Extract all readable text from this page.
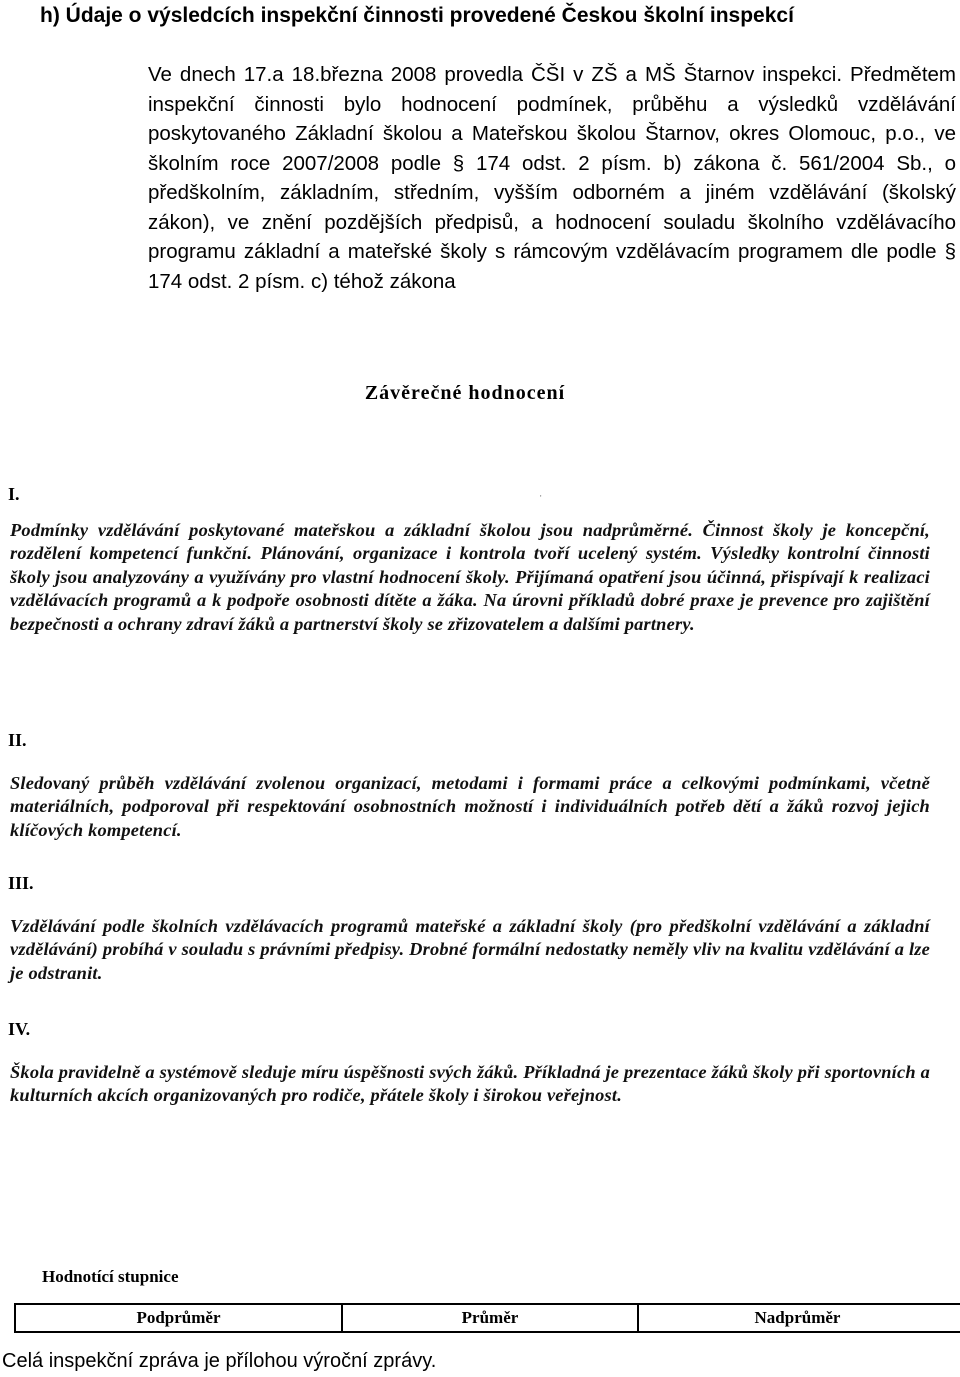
h) Údaje o výsledcích inspekční činnosti provedené Českou školní inspekcí
Ve dnech 17.a 18.března 2008 provedla ČŠI v ZŠ a MŠ Štarnov inspekci. Předmětem inspekční činnosti bylo hodnocení podmínek, průběhu a výsledků vzdělávání poskytovaného Základní školou a Mateřskou školou Štarnov, okres Olomouc, p.o., ve školním roce 2007/2008 podle § 174 odst. 2 písm. b) zákona č. 561/2004 Sb., o předškolním, základním, středním, vyšším odborném a jiném vzdělávání (školský zákon), ve znění pozdějších předpisů, a hodnocení souladu školního vzdělávacího programu základní a mateřské školy s rámcovým vzdělávacím programem dle podle § 174 odst. 2 písm. c) téhož zákona
Závěrečné hodnocení
'
I.
Podmínky vzdělávání poskytované mateřskou a základní školou jsou nadprůměrné. Činnost školy je koncepční, rozdělení kompetencí funkční. Plánování, organizace i kontrola tvoří ucelený systém. Výsledky kontrolní činnosti školy jsou analyzovány a využívány pro vlastní hodnocení školy. Přijímaná opatření jsou účinná, přispívají k realizaci vzdělávacích programů a k podpoře osobnosti dítěte a žáka. Na úrovni příkladů dobré praxe je prevence pro zajištění bezpečnosti a ochrany zdraví žáků a partnerství školy se zřizovatelem a dalšími partnery.
II.
Sledovaný průběh vzdělávání zvolenou organizací, metodami i formami práce a celkovými podmínkami, včetně materiálních, podporoval při respektování osobnostních možností i individuálních potřeb dětí a žáků rozvoj jejich klíčových kompetencí.
III.
Vzdělávání podle školních vzdělávacích programů mateřské a základní školy (pro předškolní vzdělávání a základní vzdělávání) probíhá v souladu s právními předpisy. Drobné formální nedostatky neměly vliv na kvalitu vzdělávání a lze je odstranit.
IV.
Škola pravidelně a systémově sleduje míru úspěšnosti svých žáků. Příkladná je prezentace žáků školy při sportovních a kulturních akcích organizovaných pro rodiče, přátele školy i širokou veřejnost.
Hodnotící stupnice
Podprůměr	Průměr	Nadprůměr
Celá inspekční zpráva je přílohou výroční zprávy.
